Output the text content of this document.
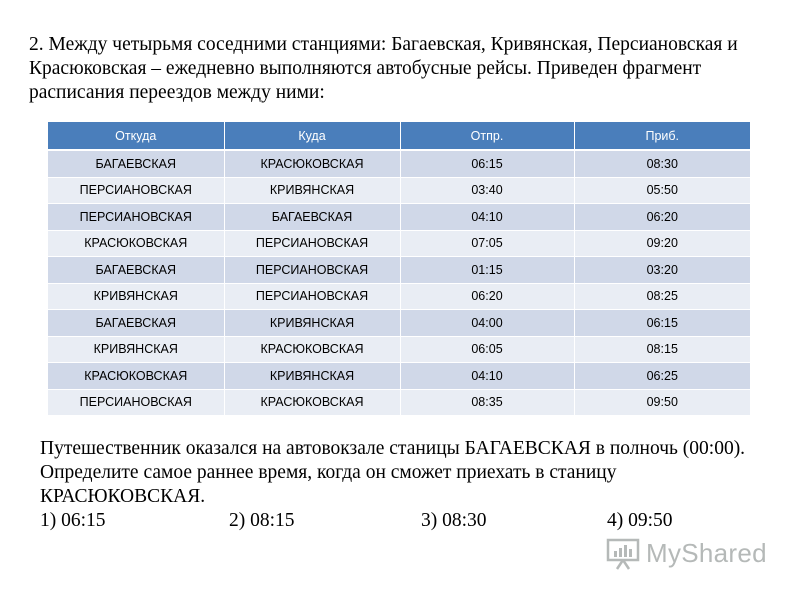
2. Между четырьмя соседними станциями: Багаевская, Кривянская, Персиановская и Красюковская – ежедневно выполняются автобусные рейсы. Приведен фрагмент расписания переездов между ними:
Откуда	Куда	Отпр.	Приб.
БАГАЕВСКАЯ	КРАСЮКОВСКАЯ	06:15	08:30
ПЕРСИАНОВСКАЯ	КРИВЯНСКАЯ	03:40	05:50
ПЕРСИАНОВСКАЯ	БАГАЕВСКАЯ	04:10	06:20
КРАСЮКОВСКАЯ	ПЕРСИАНОВСКАЯ	07:05	09:20
БАГАЕВСКАЯ	ПЕРСИАНОВСКАЯ	01:15	03:20
КРИВЯНСКАЯ	ПЕРСИАНОВСКАЯ	06:20	08:25
БАГАЕВСКАЯ	КРИВЯНСКАЯ	04:00	06:15
КРИВЯНСКАЯ	КРАСЮКОВСКАЯ	06:05	08:15
КРАСЮКОВСКАЯ	КРИВЯНСКАЯ	04:10	06:25
ПЕРСИАНОВСКАЯ	КРАСЮКОВСКАЯ	08:35	09:50
Путешественник оказался на автовокзале станицы БАГАЕВСКАЯ в полночь (00:00). Определите самое раннее время, когда он сможет приехать в станицу КРАСЮКОВСКАЯ.
1) 06:15	2) 08:15	3) 08:30	4) 09:50
MyShared
